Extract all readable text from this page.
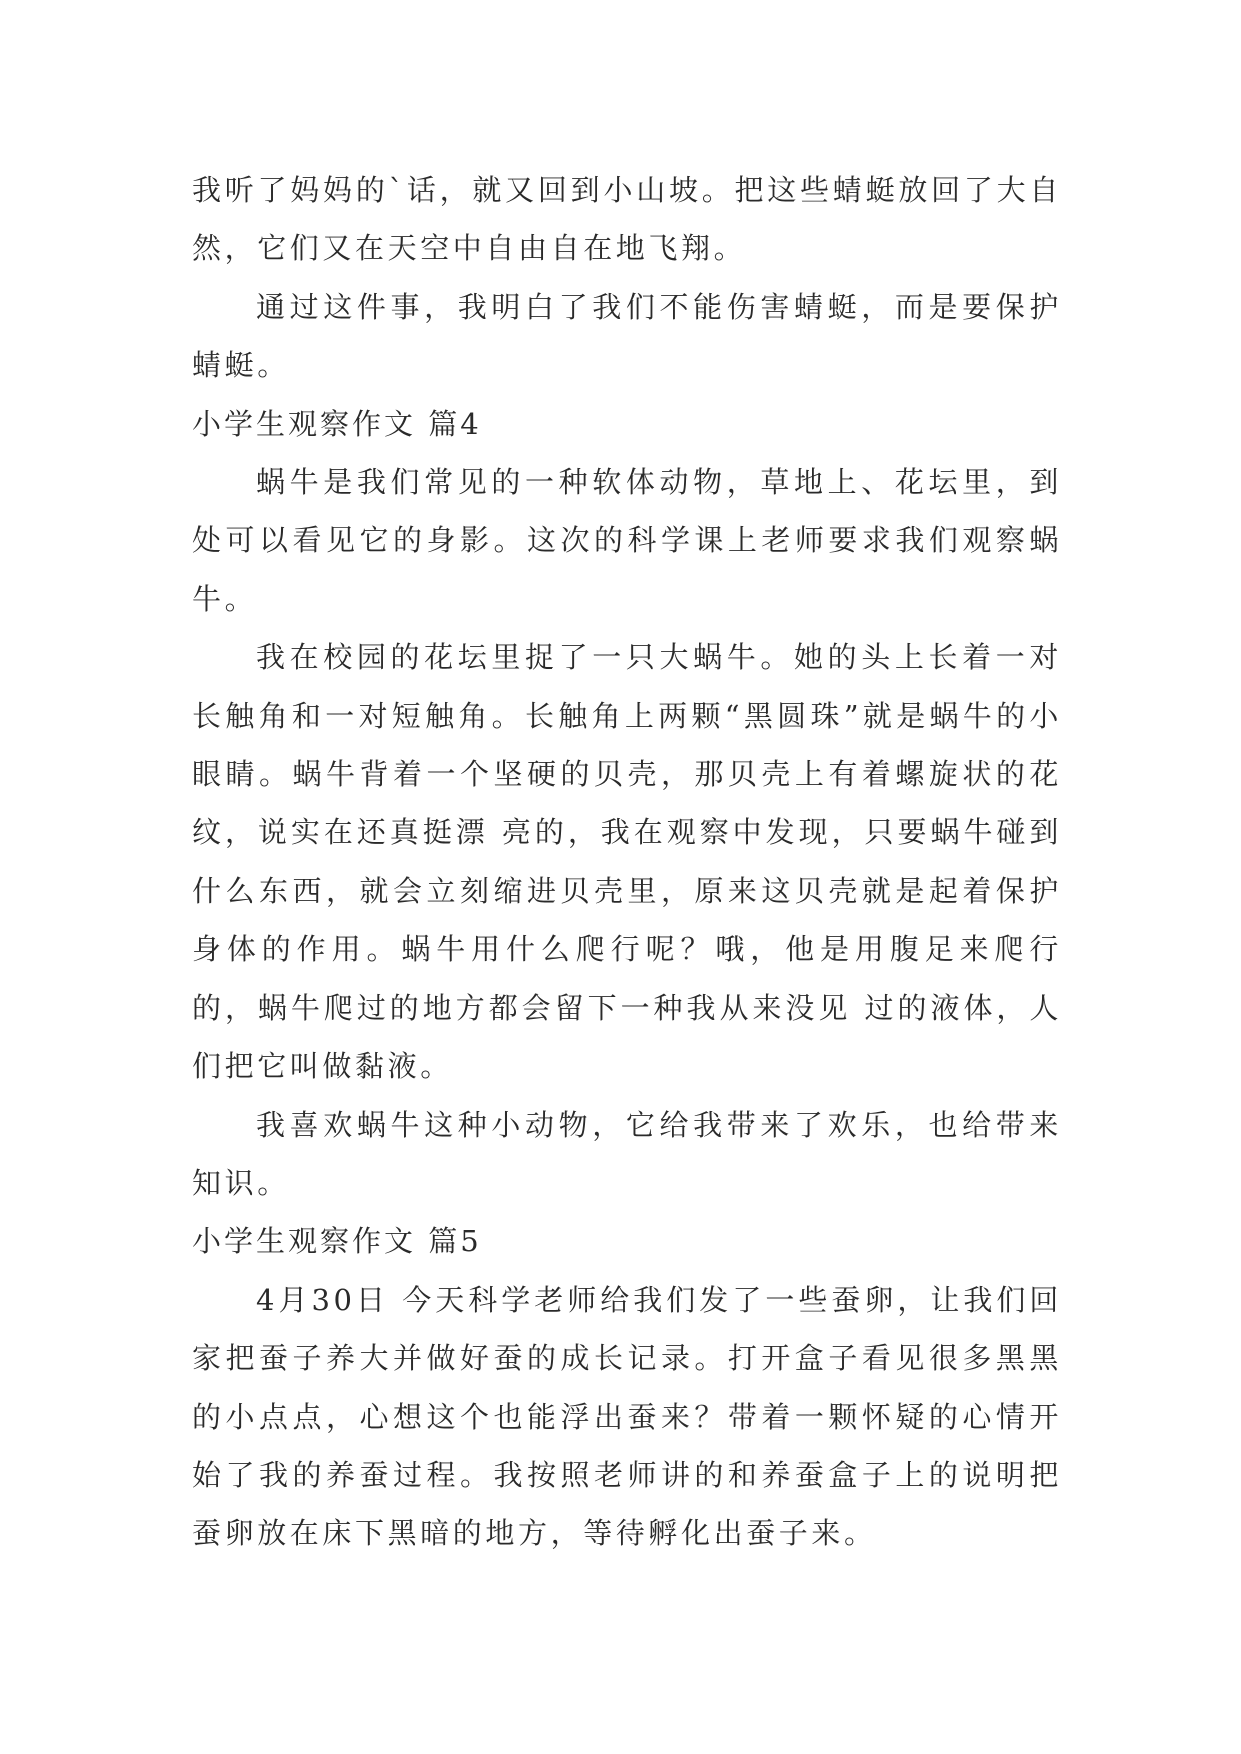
我听了妈妈的`话，就又回到小山坡。把这些蜻蜓放回了大自然，它们又在天空中自由自在地飞翔。

通过这件事，我明白了我们不能伤害蜻蜓，而是要保护蜻蜓。

小学生观察作文 篇4

蜗牛是我们常见的一种软体动物，草地上、花坛里，到处可以看见它的身影。这次的科学课上老师要求我们观察蜗牛。

我在校园的花坛里捉了一只大蜗牛。她的头上长着一对长触角和一对短触角。长触角上两颗“黑圆珠”就是蜗牛的小眼睛。蜗牛背着一个坚硬的贝壳，那贝壳上有着螺旋状的花纹，说实在还真挺漂 亮的，我在观察中发现，只要蜗牛碰到什么东西，就会立刻缩进贝壳里，原来这贝壳就是起着保护身体的作用。蜗牛用什么爬行呢？哦，他是用腹足来爬行的，蜗牛爬过的地方都会留下一种我从来没见 过的液体，人们把它叫做黏液。

我喜欢蜗牛这种小动物，它给我带来了欢乐，也给带来知识。

小学生观察作文 篇5

4月30日 今天科学老师给我们发了一些蚕卵，让我们回家把蚕子养大并做好蚕的成长记录。打开盒子看见很多黑黑的小点点，心想这个也能浮出蚕来？带着一颗怀疑的心情开始了我的养蚕过程。我按照老师讲的和养蚕盒子上的说明把蚕卵放在床下黑暗的地方，等待孵化出蚕子来。
